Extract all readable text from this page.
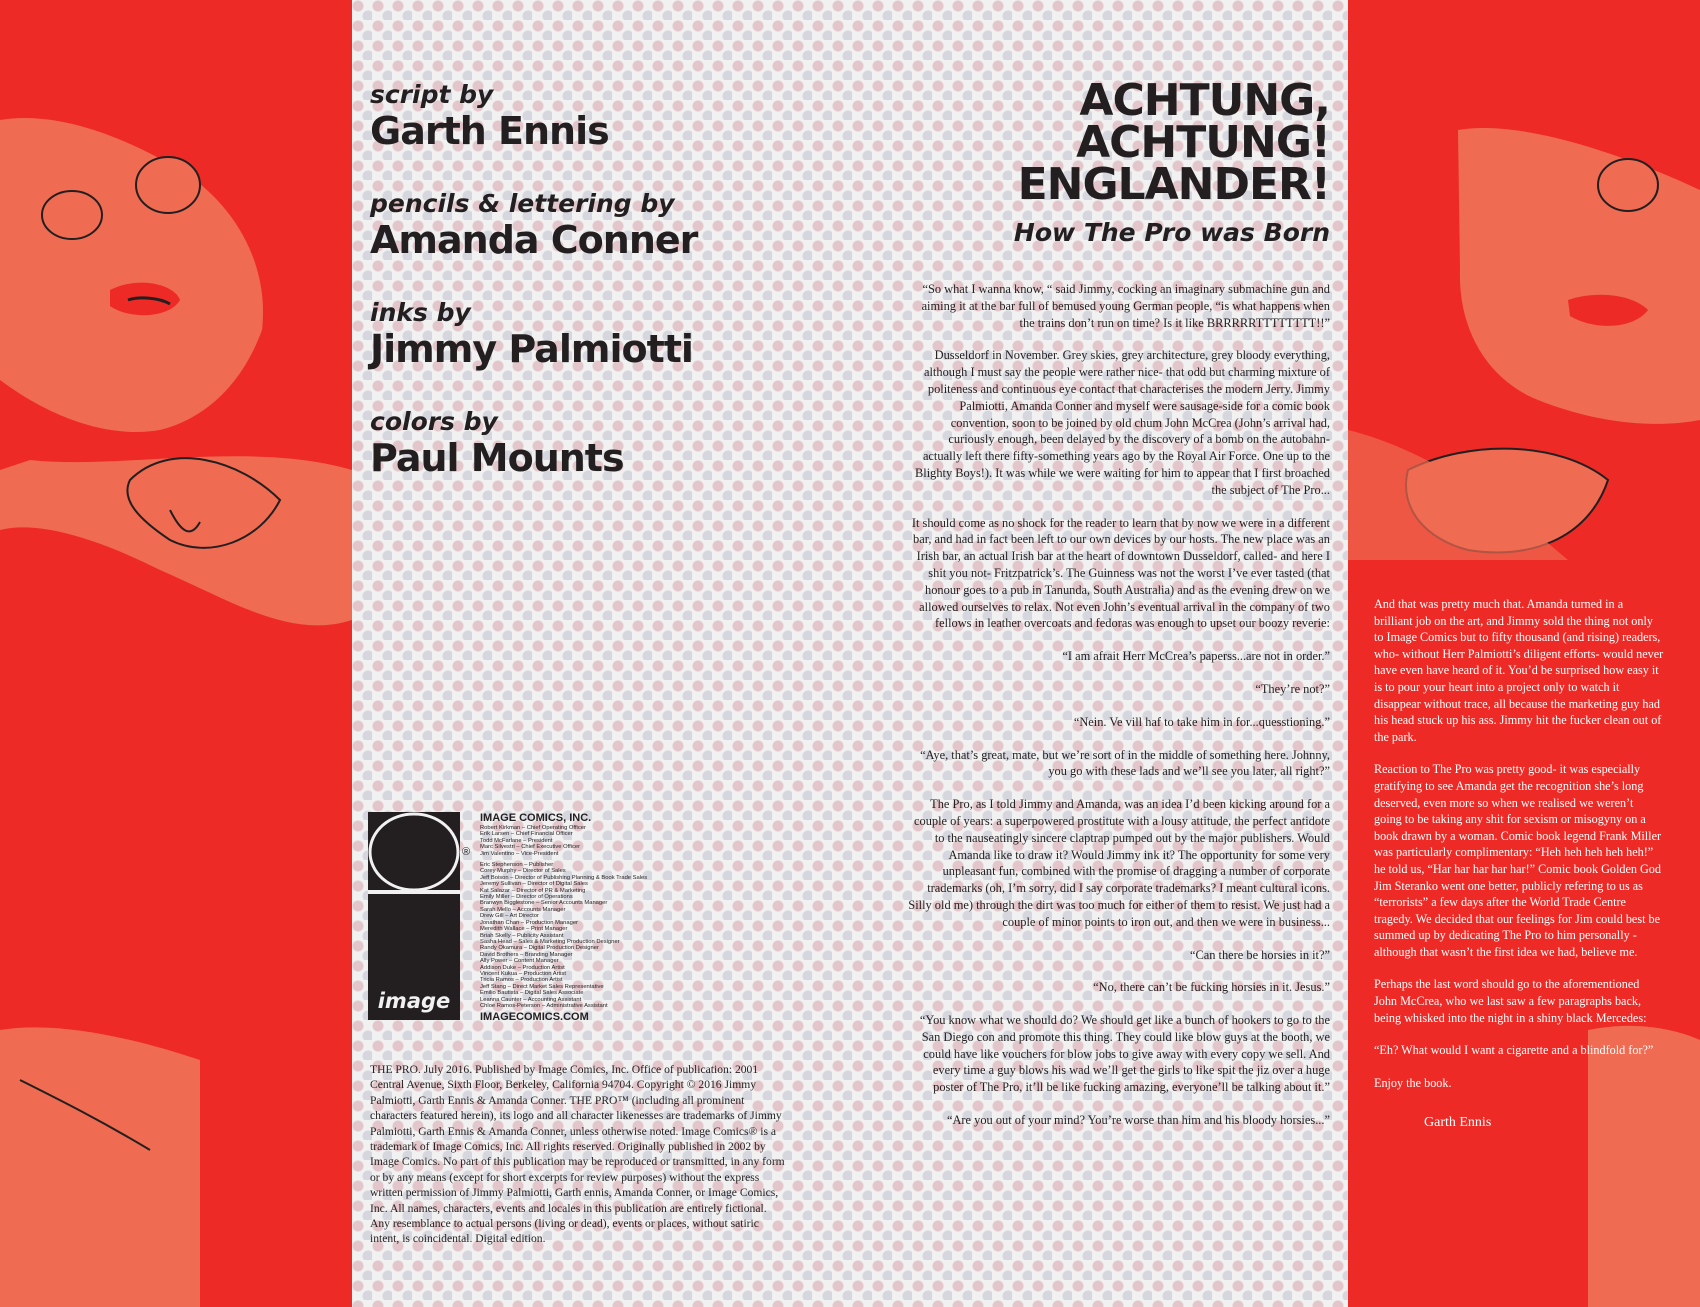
script by

Garth Ennis

pencils & lettering by

Amanda Conner

inks by

Jimmy Palmiotti

colors by

Paul Mounts

image
®

IMAGE COMICS, INC.

Robert Kirkman – Chief Operating Officer

Erik Larsen – Chief Financial Officer

Todd McFarlane – President

Marc Silvestri – Chief Executive Officer

Jim Valentino – Vice-President

Eric Stephenson – Publisher

Corey Murphy – Director of Sales

Jeff Boison – Director of Publishing Planning & Book Trade Sales

Jeremy Sullivan – Director of Digital Sales

Kat Salazar – Director of PR & Marketing

Emily Miller – Director of Operations

Branwyn Bigglestone – Senior Accounts Manager

Sarah Mello – Accounts Manager

Drew Gill – Art Director

Jonathan Chan – Production Manager

Meredith Wallace – Print Manager

Briah Skelly – Publicity Assistant

Sasha Head – Sales & Marketing Production Designer

Randy Okamura – Digital Production Designer

David Brothers – Branding Manager

Ally Power – Content Manager

Addison Duke – Production Artist

Vincent Kukua – Production Artist

Tricia Ramos – Production Artist

Jeff Stang – Direct Market Sales Representative

Emilio Bautista – Digital Sales Associate

Leanna Caunter – Accounting Assistant

Chloe Ramos-Peterson – Administrative Assistant

IMAGECOMICS.COM

THE PRO. July 2016. Published by Image Comics, Inc. Office of publication: 2001 Central Avenue, Sixth Floor, Berkeley, California 94704. Copyright © 2016 Jimmy Palmiotti, Garth Ennis & Amanda Conner. THE PRO™ (including all prominent characters featured herein), its logo and all character likenesses are trademarks of Jimmy Palmiotti, Garth Ennis & Amanda Conner, unless otherwise noted. Image Comics® is a trademark of Image Comics, Inc. All rights reserved. Originally published in 2002 by Image Comics. No part of this publication may be reproduced or transmitted, in any form or by any means (except for short excerpts for review purposes) without the express written permission of Jimmy Palmiotti, Garth ennis, Amanda Conner, or Image Comics, Inc. All names, characters, events and locales in this publication are entirely fictional. Any resemblance to actual persons (living or dead), events or places, without satiric intent, is coincidental. Digital edition.

ACHTUNG,

ACHTUNG!

ENGLANDER!

How The Pro was Born

“So what I wanna know, “ said Jimmy, cocking an imaginary submachine gun and aiming it at the bar full of bemused young German people, “is what happens when the trains don’t run on time? Is it like BRRRRRTTTTTTTT!!”

Dusseldorf in November. Grey skies, grey architecture, grey bloody everything, although I must say the people were rather nice- that odd but charming mixture of politeness and continuous eye contact that characterises the modern Jerry. Jimmy Palmiotti, Amanda Conner and myself were sausage-side for a comic book convention, soon to be joined by old chum John McCrea (John’s arrival had, curiously enough, been delayed by the discovery of a bomb on the autobahn- actually left there fifty-something years ago by the Royal Air Force. One up to the Blighty Boys!). It was while we were waiting for him to appear that I first broached the subject of The Pro...

It should come as no shock for the reader to learn that by now we were in a different bar, and had in fact been left to our own devices by our hosts. The new place was an Irish bar, an actual Irish bar at the heart of downtown Dusseldorf, called- and here I shit you not- Fritzpatrick’s. The Guinness was not the worst I’ve ever tasted (that honour goes to a pub in Tanunda, South Australia) and as the evening drew on we allowed ourselves to relax. Not even John’s eventual arrival in the company of two fellows in leather overcoats and fedoras was enough to upset our boozy reverie:

“I am afrait Herr McCrea’s paperss...are not in order.”

“They’re not?”

“Nein. Ve vill haf to take him in for...quesstioning.”

“Aye, that’s great, mate, but we’re sort of in the middle of something here. Johnny, you go with these lads and we’ll see you later, all right?”

The Pro, as I told Jimmy and Amanda, was an idea I’d been kicking around for a couple of years: a superpowered prostitute with a lousy attitude, the perfect antidote to the nauseatingly sincere claptrap pumped out by the major publishers. Would Amanda like to draw it? Would Jimmy ink it? The opportunity for some very unpleasant fun, combined with the promise of dragging a number of corporate trademarks (oh, I’m sorry, did I say corporate trademarks? I meant cultural icons. Silly old me) through the dirt was too much for either of them to resist. We just had a couple of minor points to iron out, and then we were in business...

“Can there be horsies in it?”

“No, there can’t be fucking horsies in it. Jesus.”

“You know what we should do? We should get like a bunch of hookers to go to the San Diego con and promote this thing. They could like blow guys at the booth, we could have like vouchers for blow jobs to give away with every copy we sell. And every time a guy blows his wad we’ll get the girls to like spit the jiz over a huge poster of The Pro, it’ll be like fucking amazing, everyone’ll be talking about it.”

“Are you out of your mind? You’re worse than him and his bloody horsies...”

And that was pretty much that. Amanda turned in a brilliant job on the art, and Jimmy sold the thing not only to Image Comics but to fifty thousand (and rising) readers, who- without Herr Palmiotti’s diligent efforts- would never have even have heard of it. You’d be surprised how easy it is to pour your heart into a project only to watch it disappear without trace, all because the marketing guy had his head stuck up his ass. Jimmy hit the fucker clean out of the park.

Reaction to The Pro was pretty good- it was especially gratifying to see Amanda get the recognition she’s long deserved, even more so when we realised we weren’t going to be taking any shit for sexism or misogyny on a book drawn by a woman. Comic book legend Frank Miller was particularly complimentary: “Heh heh heh heh heh!” he told us, “Har har har har har!” Comic book Golden God Jim Steranko went one better, publicly refering to us as “terrorists” a few days after the World Trade Centre tragedy. We decided that our feelings for Jim could best be summed up by dedicating The Pro to him personally - although that wasn’t the first idea we had, believe me.

Perhaps the last word should go to the aforementioned John McCrea, who we last saw a few paragraphs back, being whisked into the night in a shiny black Mercedes:

“Eh? What would I want a cigarette and a blindfold for?”

Enjoy the book.

Garth Ennis
